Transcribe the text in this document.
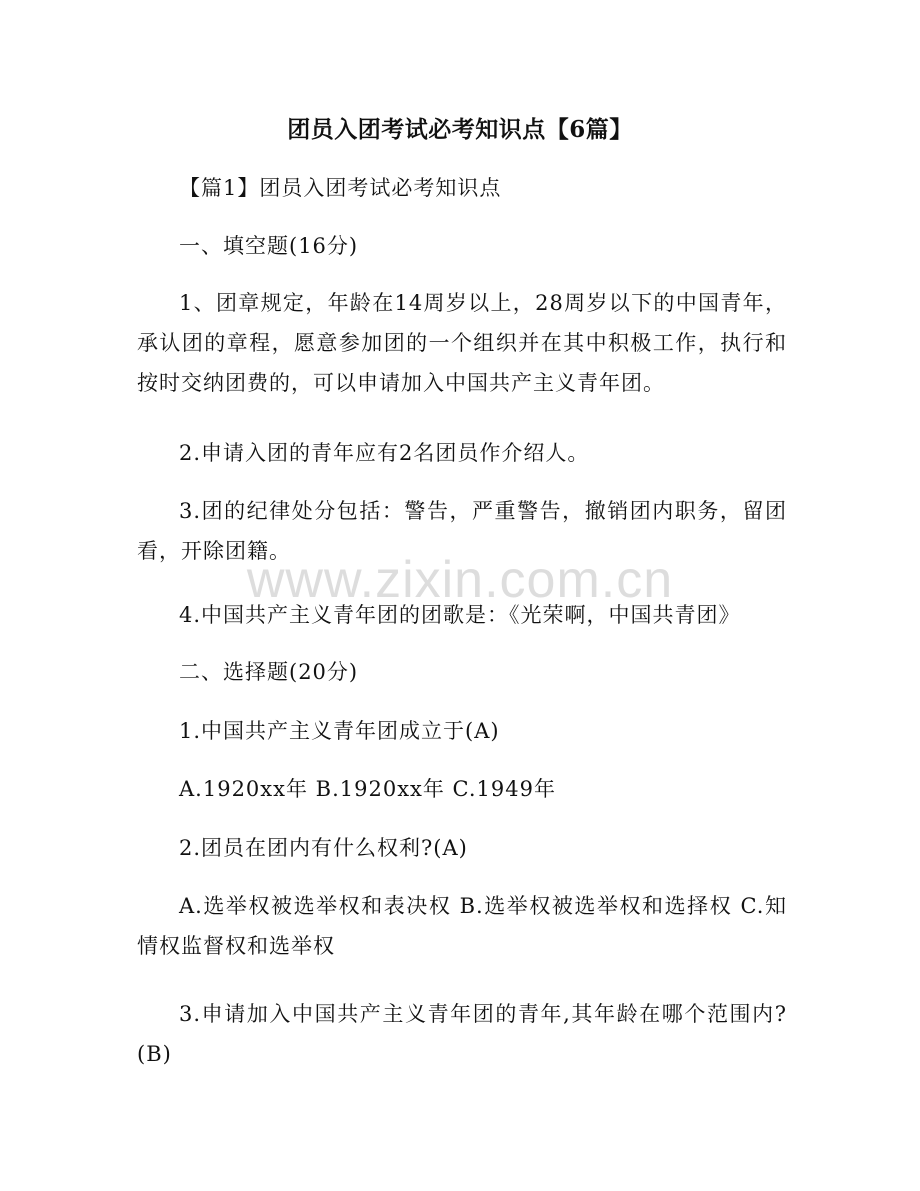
团员入团考试必考知识点【6篇】
【篇1】团员入团考试必考知识点
一、填空题(16分)
1、团章规定，年龄在14周岁以上，28周岁以下的中国青年，承认团的章程，愿意参加团的一个组织并在其中积极工作，执行和按时交纳团费的，可以申请加入中国共产主义青年团。
2.申请入团的青年应有2名团员作介绍人。
3.团的纪律处分包括：警告，严重警告，撤销团内职务，留团看，开除团籍。
4.中国共产主义青年团的团歌是：《光荣啊，中国共青团》
二、选择题(20分)
1.中国共产主义青年团成立于(A)
A.1920xx年 B.1920xx年 C.1949年
2.团员在团内有什么权利?(A)
A.选举权被选举权和表决权 B.选举权被选举权和选择权 C.知情权监督权和选举权
3.申请加入中国共产主义青年团的青年,其年龄在哪个范围内?(B)
www.zixin.com.cn
